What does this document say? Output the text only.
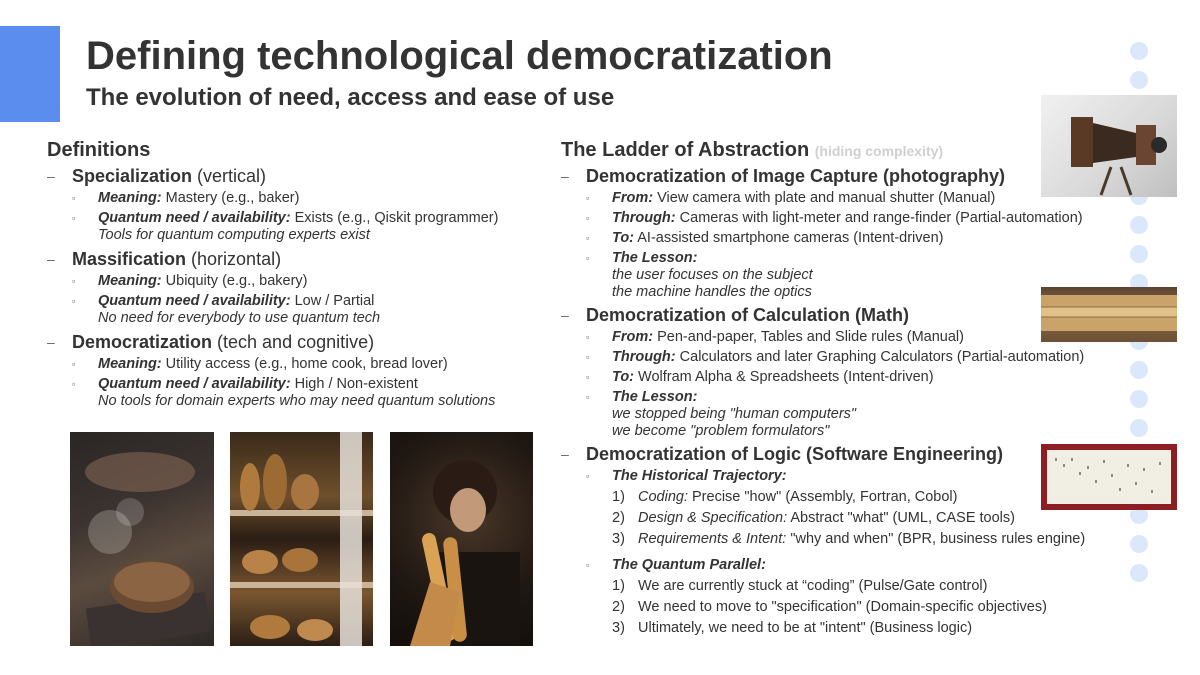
Defining technological democratization
The evolution of need, access and ease of use
Definitions
– Specialization (vertical)
▫ Meaning: Mastery (e.g., baker)
▫ Quantum need / availability: Exists (e.g., Qiskit programmer)
Tools for quantum computing experts exist
– Massification (horizontal)
▫ Meaning: Ubiquity (e.g., bakery)
▫ Quantum need / availability: Low / Partial
No need for everybody to use quantum tech
– Democratization (tech and cognitive)
▫ Meaning: Utility access (e.g., home cook, bread lover)
▫ Quantum need / availability: High / Non-existent
No tools for domain experts who may need quantum solutions
The Ladder of Abstraction (hiding complexity)
– Democratization of Image Capture (photography)
▫ From: View camera with plate and manual shutter (Manual)
▫ Through: Cameras with light-meter and range-finder (Partial-automation)
▫ To: AI-assisted smartphone cameras (Intent-driven)
▫ The Lesson:
the user focuses on the subject
the machine handles the optics
– Democratization of Calculation (Math)
▫ From: Pen-and-paper, Tables and Slide rules (Manual)
▫ Through: Calculators and later Graphing Calculators (Partial-automation)
▫ To: Wolfram Alpha & Spreadsheets (Intent-driven)
▫ The Lesson:
we stopped being "human computers"
we become "problem formulators"
– Democratization of Logic (Software Engineering)
▫ The Historical Trajectory:
1) Coding: Precise "how" (Assembly, Fortran, Cobol)
2) Design & Specification: Abstract "what" (UML, CASE tools)
3) Requirements & Intent: "why and when" (BPR, business rules engine)
▫ The Quantum Parallel:
1) We are currently stuck at “coding” (Pulse/Gate control)
2) We need to move to "specification" (Domain-specific objectives)
3) Ultimately, we need to be at "intent" (Business logic)
